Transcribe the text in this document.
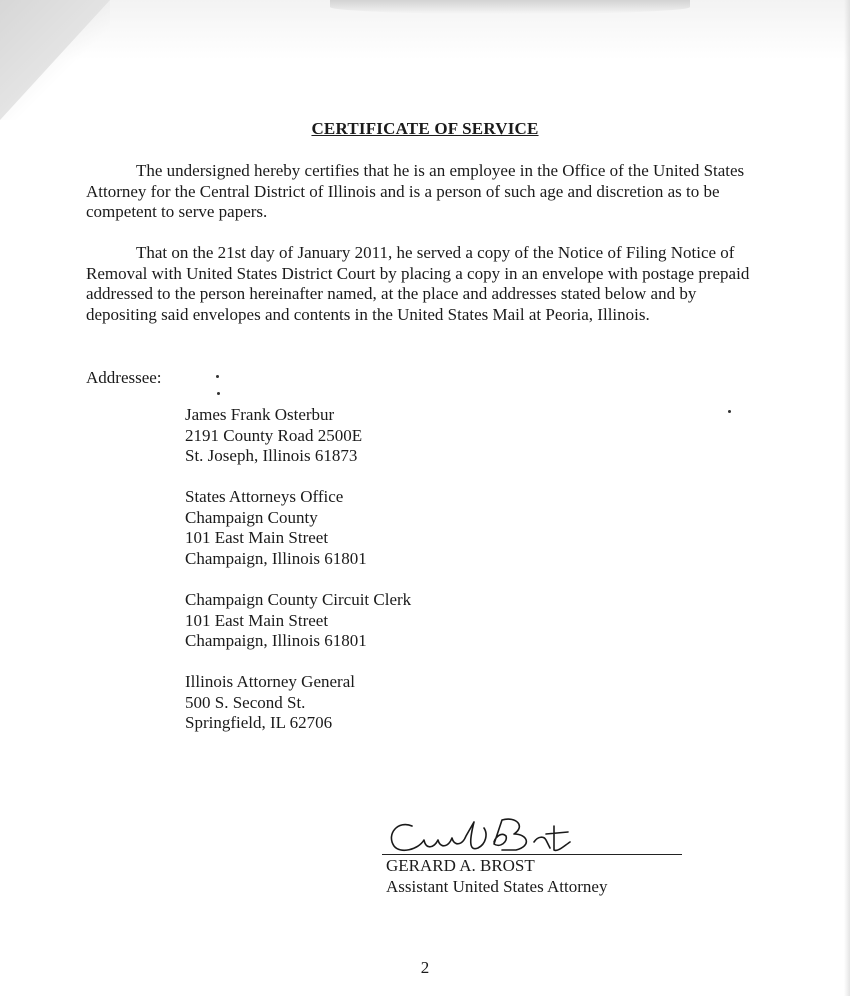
CERTIFICATE OF SERVICE

The undersigned hereby certifies that he is an employee in the Office of the United States Attorney for the Central District of Illinois and is a person of such age and discretion as to be competent to serve papers.

That on the 21st day of January 2011, he served a copy of the Notice of Filing Notice of Removal with United States District Court by placing a copy in an envelope with postage prepaid addressed to the person hereinafter named, at the place and addresses stated below and by depositing said envelopes and contents in the United States Mail at Peoria, Illinois.

Addressee:
James Frank Osterbur
2191 County Road 2500E
St. Joseph, Illinois 61873
States Attorneys Office
Champaign County
101 East Main Street
Champaign, Illinois 61801
Champaign County Circuit Clerk
101 East Main Street
Champaign, Illinois 61801
Illinois Attorney General
500 S. Second St.
Springfield, IL 62706
GERARD A. BROST
Assistant United States Attorney
2
